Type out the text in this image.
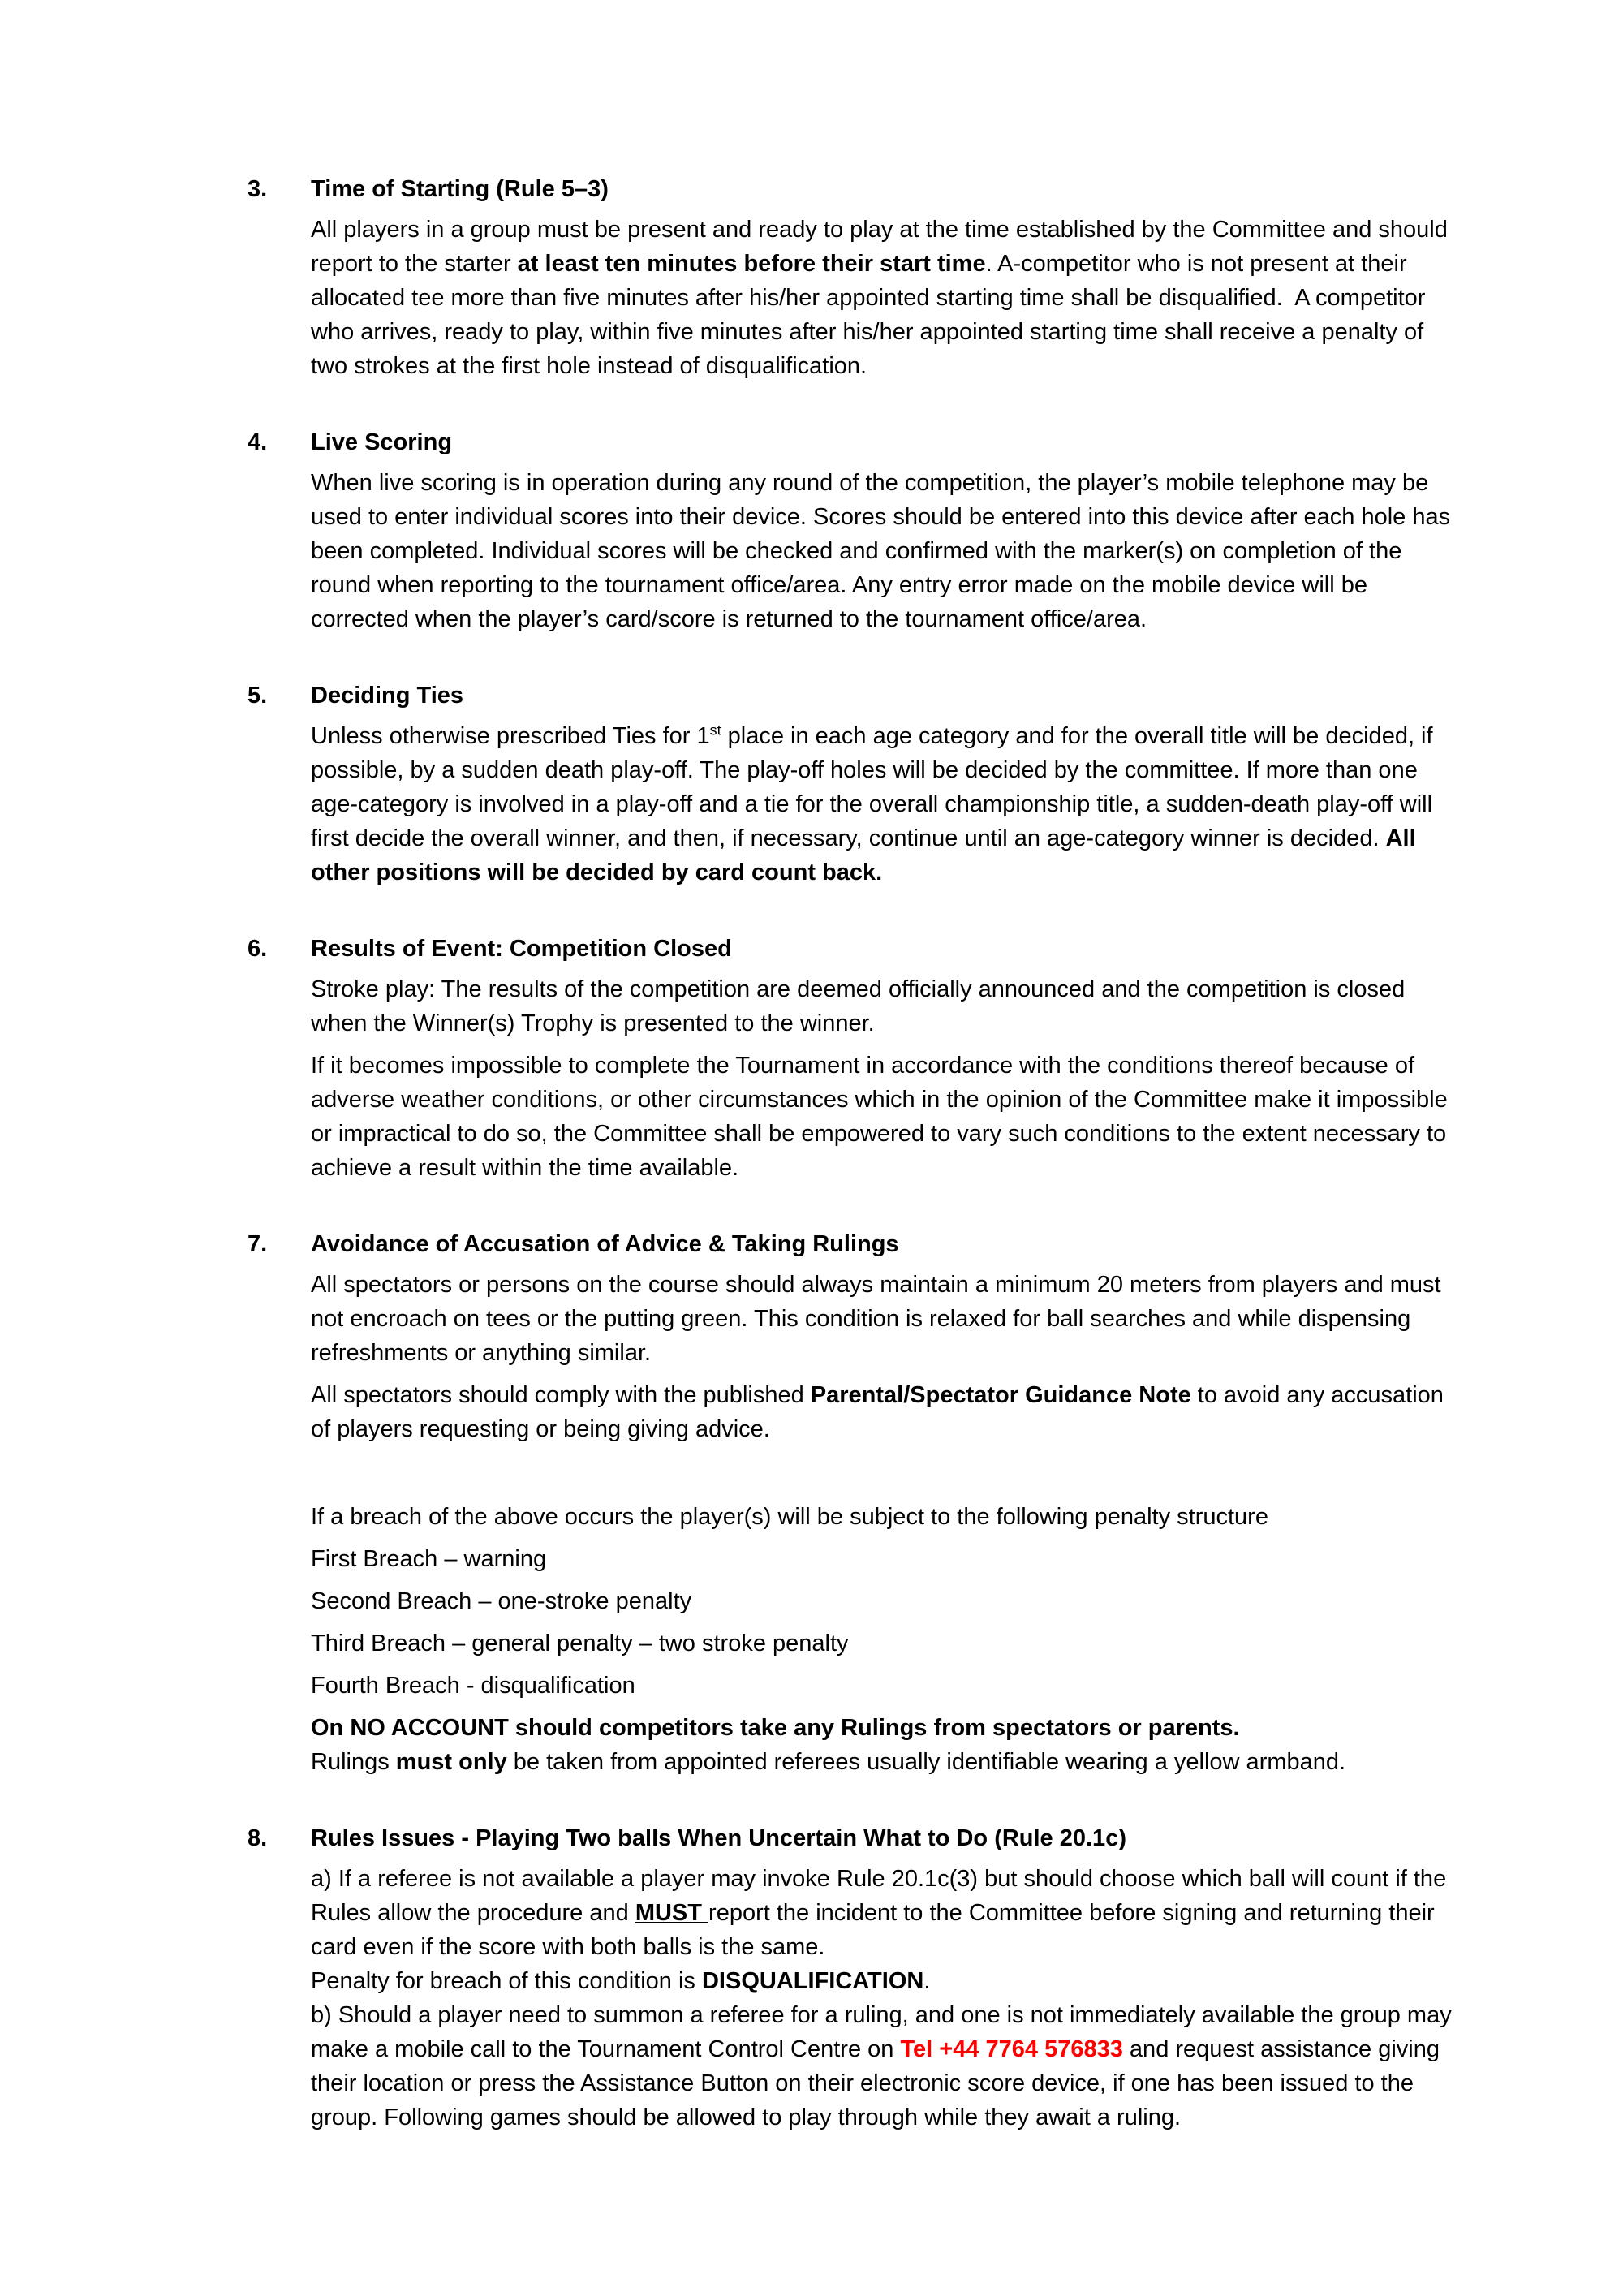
3.	Time of Starting (Rule 5–3)

All players in a group must be present and ready to play at the time established by the Committee and should report to the starter at least ten minutes before their start time. A-competitor who is not present at their allocated tee more than five minutes after his/her appointed starting time shall be disqualified.  A competitor who arrives, ready to play, within five minutes after his/her appointed starting time shall receive a penalty of two strokes at the first hole instead of disqualification.

4.	Live Scoring

When live scoring is in operation during any round of the competition, the player’s mobile telephone may be used to enter individual scores into their device. Scores should be entered into this device after each hole has been completed. Individual scores will be checked and confirmed with the marker(s) on completion of the round when reporting to the tournament office/area. Any entry error made on the mobile device will be corrected when the player’s card/score is returned to the tournament office/area.

5.	Deciding Ties

Unless otherwise prescribed Ties for 1st place in each age category and for the overall title will be decided, if possible, by a sudden death play-off. The play-off holes will be decided by the committee. If more than one age-category is involved in a play-off and a tie for the overall championship title, a sudden-death play-off will first decide the overall winner, and then, if necessary, continue until an age-category winner is decided. All other positions will be decided by card count back.

6.	Results of Event: Competition Closed

Stroke play: The results of the competition are deemed officially announced and the competition is closed when the Winner(s) Trophy is presented to the winner.

If it becomes impossible to complete the Tournament in accordance with the conditions thereof because of adverse weather conditions, or other circumstances which in the opinion of the Committee make it impossible or impractical to do so, the Committee shall be empowered to vary such conditions to the extent necessary to achieve a result within the time available.

7.	Avoidance of Accusation of Advice & Taking Rulings

All spectators or persons on the course should always maintain a minimum 20 meters from players and must not encroach on tees or the putting green. This condition is relaxed for ball searches and while dispensing refreshments or anything similar.

All spectators should comply with the published Parental/Spectator Guidance Note to avoid any accusation of players requesting or being giving advice.

If a breach of the above occurs the player(s) will be subject to the following penalty structure

First Breach – warning

Second Breach – one-stroke penalty

Third Breach – general penalty – two stroke penalty

Fourth Breach - disqualification

On NO ACCOUNT should competitors take any Rulings from spectators or parents.

Rulings must only be taken from appointed referees usually identifiable wearing a yellow armband.

8.	Rules Issues - Playing Two balls When Uncertain What to Do (Rule 20.1c)

a) If a referee is not available a player may invoke Rule 20.1c(3) but should choose which ball will count if the Rules allow the procedure and MUST report the incident to the Committee before signing and returning their card even if the score with both balls is the same.

Penalty for breach of this condition is DISQUALIFICATION.

b) Should a player need to summon a referee for a ruling, and one is not immediately available the group may make a mobile call to the Tournament Control Centre on Tel +44 7764 576833 and request assistance giving their location or press the Assistance Button on their electronic score device, if one has been issued to the group. Following games should be allowed to play through while they await a ruling.
